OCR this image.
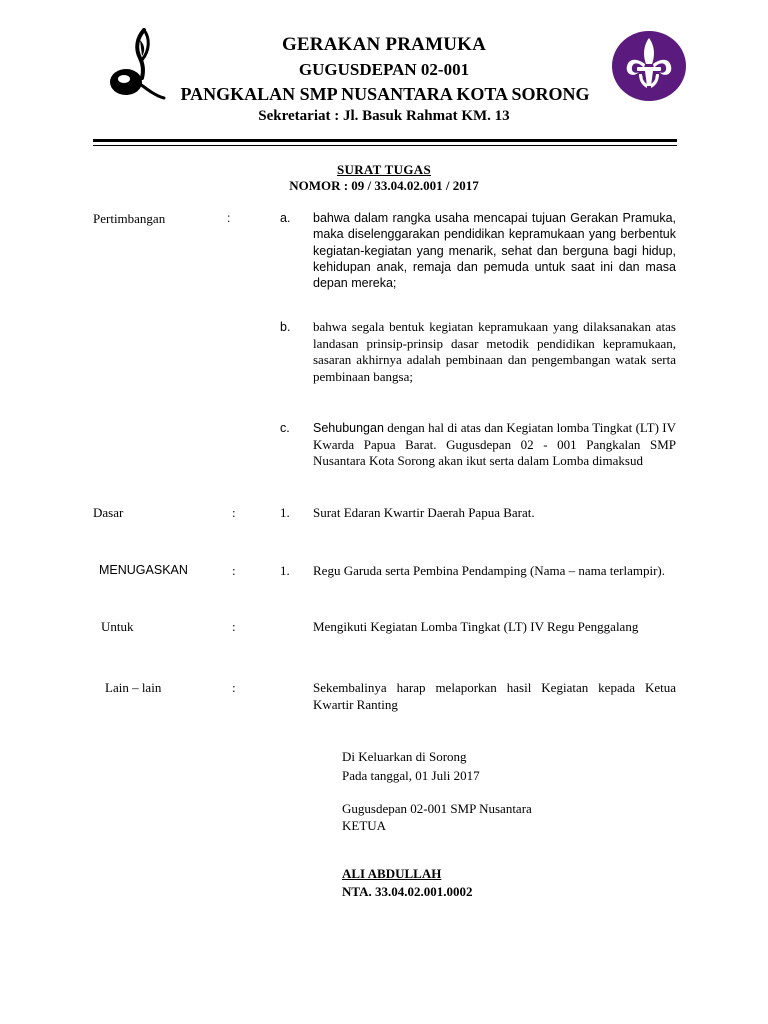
GERAKAN PRAMUKA
GUGUSDEPAN 02-001
PANGKALAN SMP NUSANTARA KOTA SORONG
Sekretariat : Jl. Basuk Rahmat KM. 13
SURAT TUGAS
NOMOR : 09 / 33.04.02.001 / 2017
Pertimbangan	:	a. bahwa dalam rangka usaha mencapai tujuan Gerakan Pramuka, maka diselenggarakan pendidikan kepramukaan yang berbentuk kegiatan-kegiatan yang menarik, sehat dan berguna bagi hidup, kehidupan anak, remaja dan pemuda untuk saat ini dan masa depan mereka;
b. bahwa segala bentuk kegiatan kepramukaan yang dilaksanakan atas landasan prinsip-prinsip dasar metodik pendidikan kepramukaan, sasaran akhirnya adalah pembinaan dan pengembangan watak serta pembinaan bangsa;
c. Sehubungan dengan hal di atas dan Kegiatan lomba Tingkat (LT) IV Kwarda Papua Barat. Gugusdepan 02 - 001 Pangkalan SMP Nusantara Kota Sorong akan ikut serta dalam Lomba dimaksud
Dasar	:	1. Surat Edaran Kwartir Daerah Papua Barat.
MENUGASKAN	:	1. Regu Garuda serta Pembina Pendamping (Nama – nama terlampir).
Untuk	:	Mengikuti Kegiatan Lomba Tingkat (LT) IV Regu Penggalang
Lain – lain	:	Sekembalinya harap melaporkan hasil Kegiatan kepada Ketua Kwartir Ranting
Di Keluarkan di Sorong
Pada tanggal, 01 Juli 2017
Gugusdepan 02-001 SMP Nusantara
KETUA
ALI ABDULLAH
NTA. 33.04.02.001.0002
